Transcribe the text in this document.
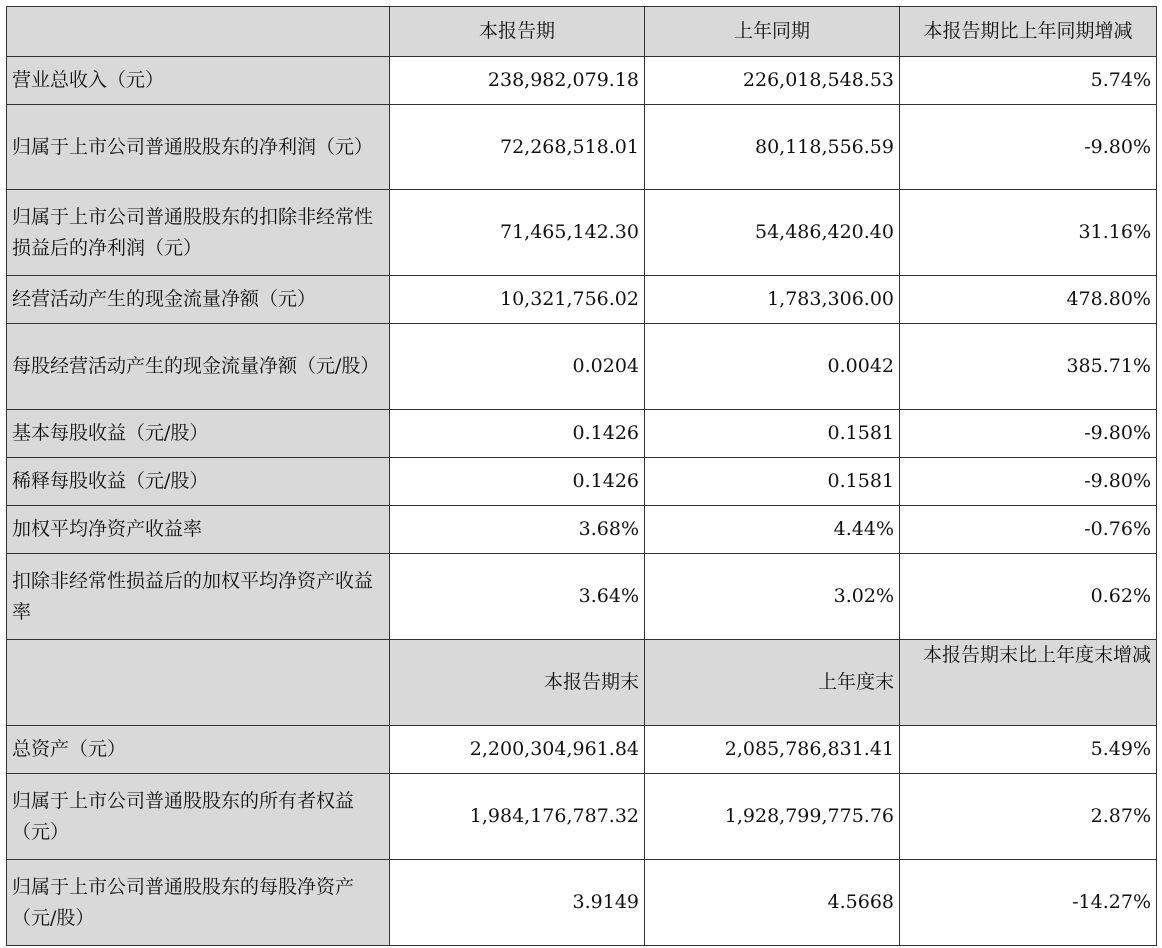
	本报告期	上年同期	本报告期比上年同期增减
营业总收入（元）	238,982,079.18	226,018,548.53	5.74%
归属于上市公司普通股股东的净利润（元）	72,268,518.01	80,118,556.59	-9.80%
归属于上市公司普通股股东的扣除非经常性损益后的净利润（元）	71,465,142.30	54,486,420.40	31.16%
经营活动产生的现金流量净额（元）	10,321,756.02	1,783,306.00	478.80%
每股经营活动产生的现金流量净额（元/股）	0.0204	0.0042	385.71%
基本每股收益（元/股）	0.1426	0.1581	-9.80%
稀释每股收益（元/股）	0.1426	0.1581	-9.80%
加权平均净资产收益率	3.68%	4.44%	-0.76%
扣除非经常性损益后的加权平均净资产收益率	3.64%	3.02%	0.62%
	本报告期末	上年度末	本报告期末比上年度末增减
总资产（元）	2,200,304,961.84	2,085,786,831.41	5.49%
归属于上市公司普通股股东的所有者权益（元）	1,984,176,787.32	1,928,799,775.76	2.87%
归属于上市公司普通股股东的每股净资产（元/股）	3.9149	4.5668	-14.27%
